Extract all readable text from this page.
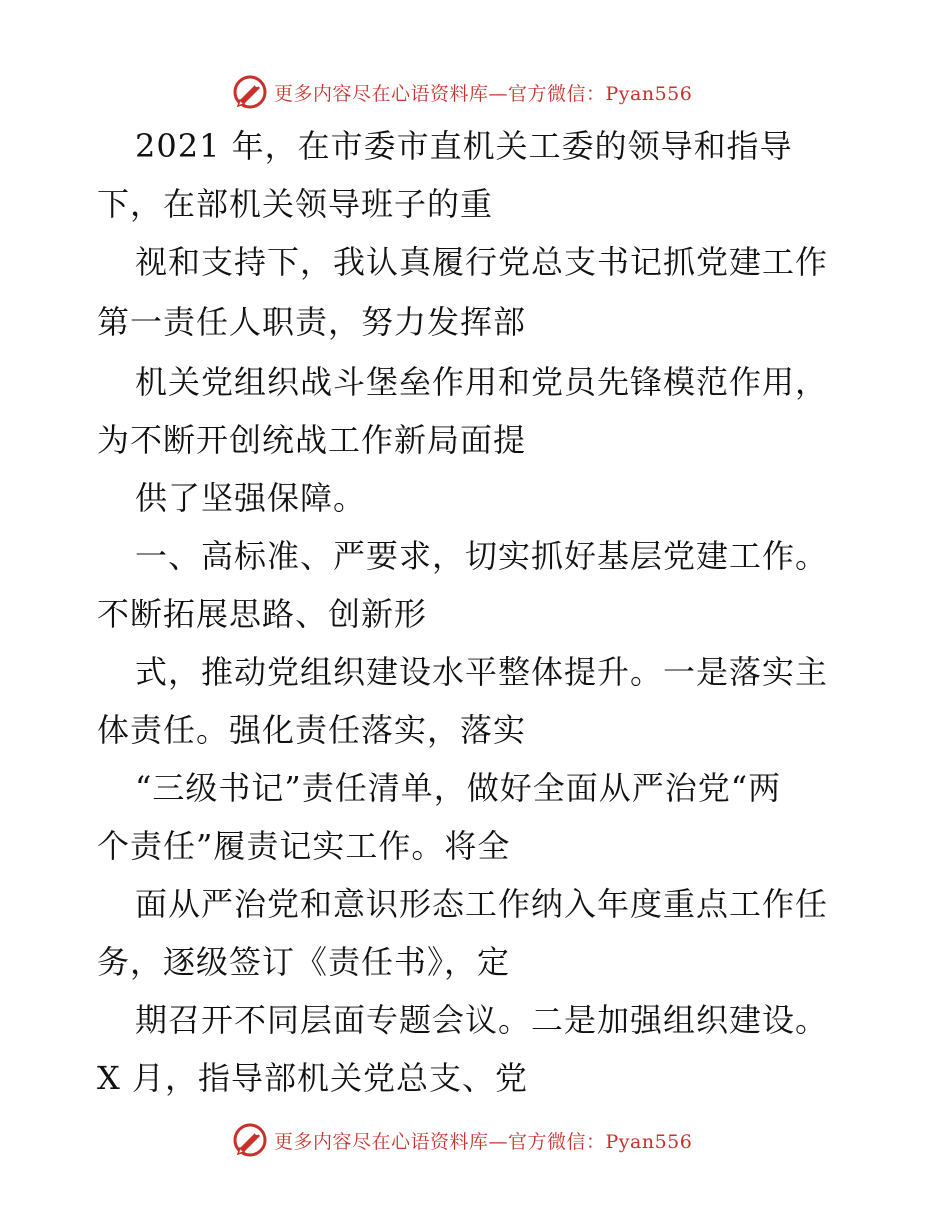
更多内容尽在心语资料库—官方微信：Pyan556
2021 年，在市委市直机关工委的领导和指导
下，在部机关领导班子的重
视和支持下，我认真履行党总支书记抓党建工作
第一责任人职责，努力发挥部
机关党组织战斗堡垒作用和党员先锋模范作用，
为不断开创统战工作新局面提
供了坚强保障。
一、高标准、严要求，切实抓好基层党建工作。
不断拓展思路、创新形
式，推动党组织建设水平整体提升。一是落实主
体责任。强化责任落实，落实
“三级书记”责任清单，做好全面从严治党“两
个责任”履责记实工作。将全
面从严治党和意识形态工作纳入年度重点工作任
务，逐级签订《责任书》，定
期召开不同层面专题会议。二是加强组织建设。
X 月，指导部机关党总支、党
更多内容尽在心语资料库—官方微信：Pyan556
